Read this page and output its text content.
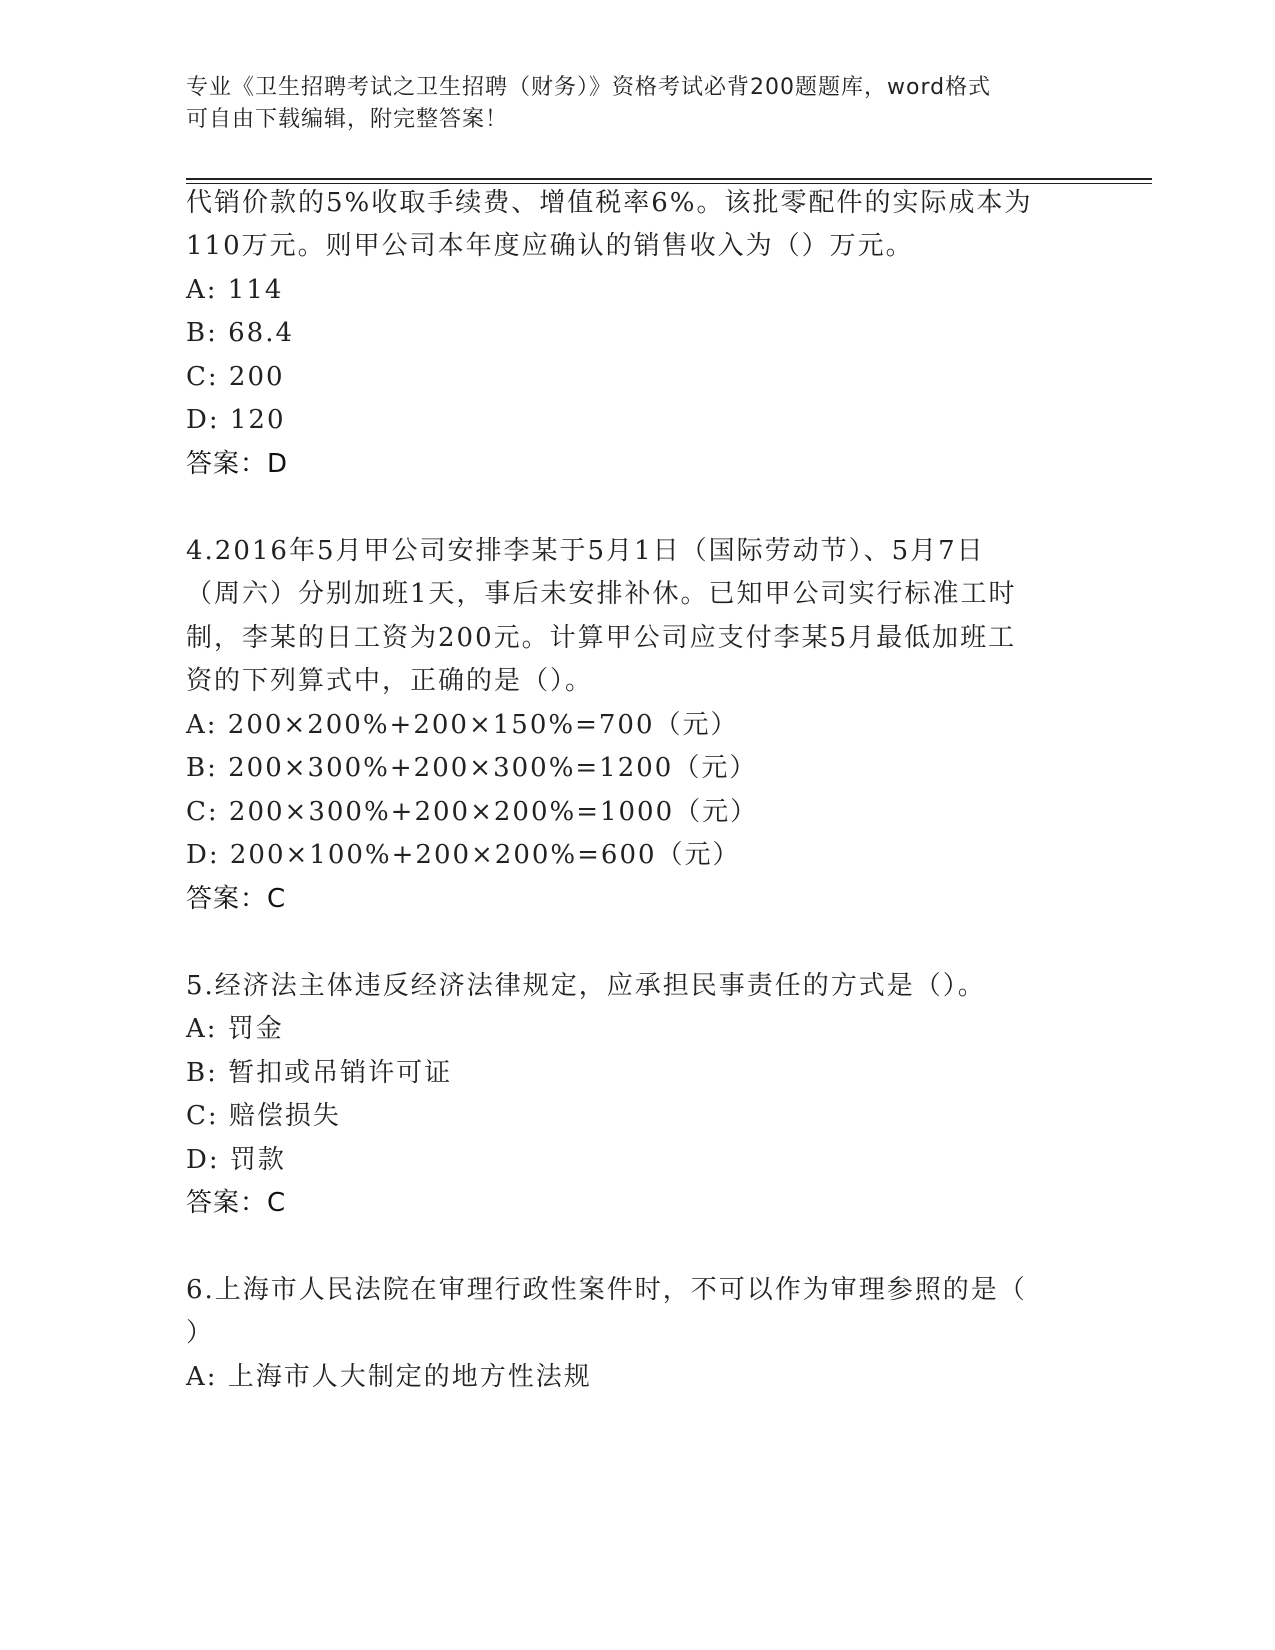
专业《卫生招聘考试之卫生招聘（财务）》资格考试必背200题题库，word格式
可自由下载编辑，附完整答案！
代销价款的5%收取手续费、增值税率6%。该批零配件的实际成本为
110万元。则甲公司本年度应确认的销售收入为（）万元。
A: 114
B: 68.4
C: 200
D: 120
答案：D
4.2016年5月甲公司安排李某于5月1日（国际劳动节）、5月7日
（周六）分别加班1天，事后未安排补休。已知甲公司实行标准工时
制，李某的日工资为200元。计算甲公司应支付李某5月最低加班工
资的下列算式中，正确的是（）。
A: 200×200%+200×150%=700（元）
B: 200×300%+200×300%=1200（元）
C: 200×300%+200×200%=1000（元）
D: 200×100%+200×200%=600（元）
答案：C
5.经济法主体违反经济法律规定，应承担民事责任的方式是（）。
A: 罚金
B: 暂扣或吊销许可证
C: 赔偿损失
D: 罚款
答案：C
6.上海市人民法院在审理行政性案件时，不可以作为审理参照的是（
）
A: 上海市人大制定的地方性法规
